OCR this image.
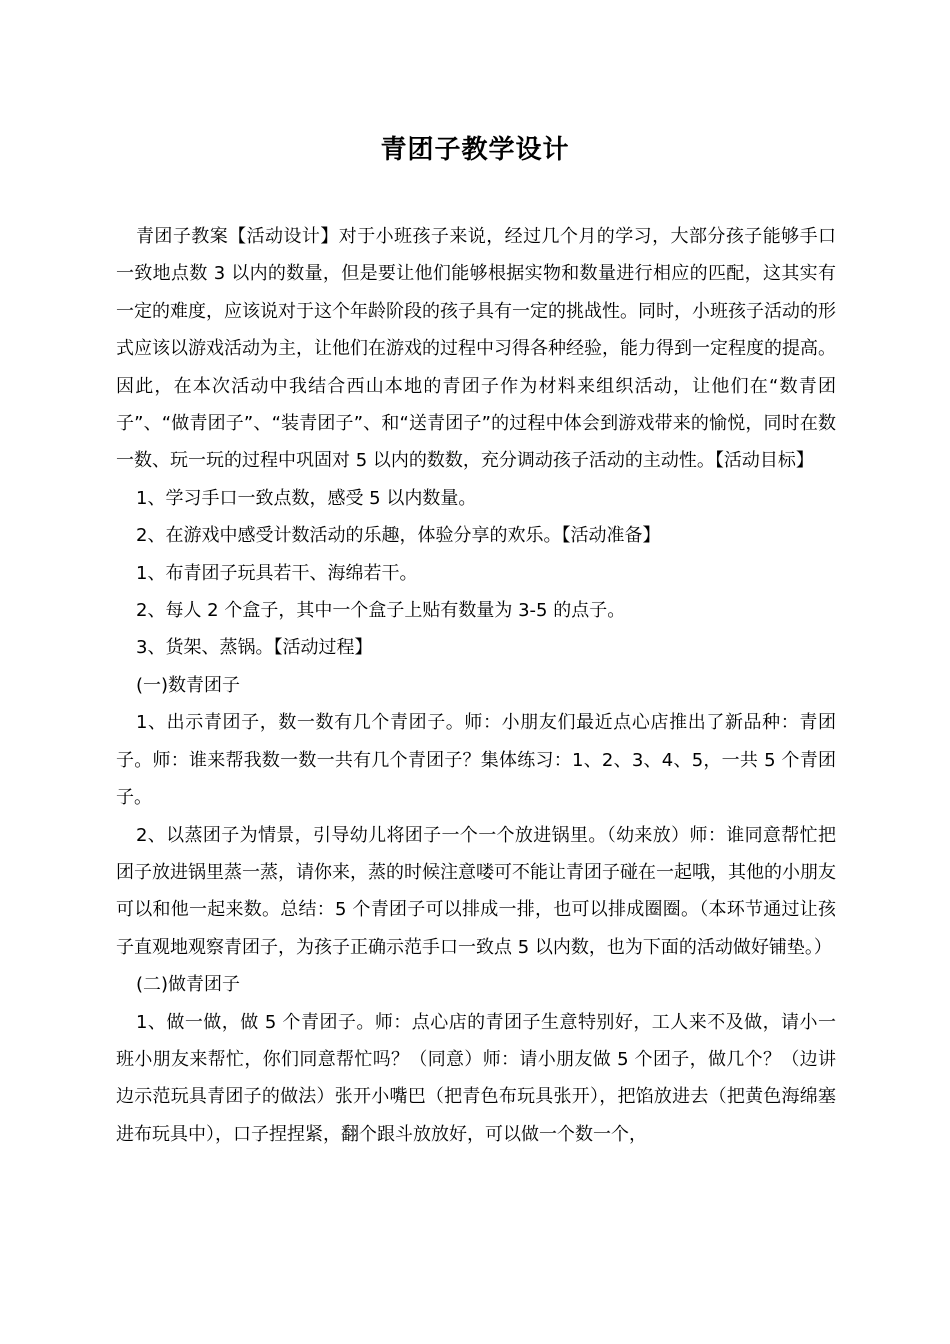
青团子教学设计

青团子教案【活动设计】对于小班孩子来说，经过几个月的学习，大部分孩子能够手口一致地点数 3 以内的数量，但是要让他们能够根据实物和数量进行相应的匹配，这其实有一定的难度，应该说对于这个年龄阶段的孩子具有一定的挑战性。同时，小班孩子活动的形式应该以游戏活动为主，让他们在游戏的过程中习得各种经验，能力得到一定程度的提高。因此，在本次活动中我结合西山本地的青团子作为材料来组织活动，让他们在“数青团子”、“做青团子”、“装青团子”、和“送青团子”的过程中体会到游戏带来的愉悦，同时在数一数、玩一玩的过程中巩固对 5 以内的数数，充分调动孩子活动的主动性。【活动目标】

1、学习手口一致点数，感受 5 以内数量。

2、在游戏中感受计数活动的乐趣，体验分享的欢乐。【活动准备】

1、布青团子玩具若干、海绵若干。

2、每人 2 个盒子，其中一个盒子上贴有数量为 3-5 的点子。

3、货架、蒸锅。【活动过程】

(一)数青团子

1、出示青团子，数一数有几个青团子。师：小朋友们最近点心店推出了新品种：青团子。师：谁来帮我数一数一共有几个青团子？集体练习：1、2、3、4、5，一共 5 个青团子。

2、以蒸团子为情景，引导幼儿将团子一个一个放进锅里。（幼来放）师：谁同意帮忙把团子放进锅里蒸一蒸，请你来，蒸的时候注意喽可不能让青团子碰在一起哦，其他的小朋友可以和他一起来数。总结：5 个青团子可以排成一排，也可以排成圈圈。（本环节通过让孩子直观地观察青团子，为孩子正确示范手口一致点 5 以内数，也为下面的活动做好铺垫。）

(二)做青团子

1、做一做，做 5 个青团子。师：点心店的青团子生意特别好，工人来不及做，请小一班小朋友来帮忙，你们同意帮忙吗？（同意）师：请小朋友做 5 个团子，做几个？（边讲边示范玩具青团子的做法）张开小嘴巴（把青色布玩具张开），把馅放进去（把黄色海绵塞进布玩具中），口子捏捏紧，翻个跟斗放放好，可以做一个数一个，
